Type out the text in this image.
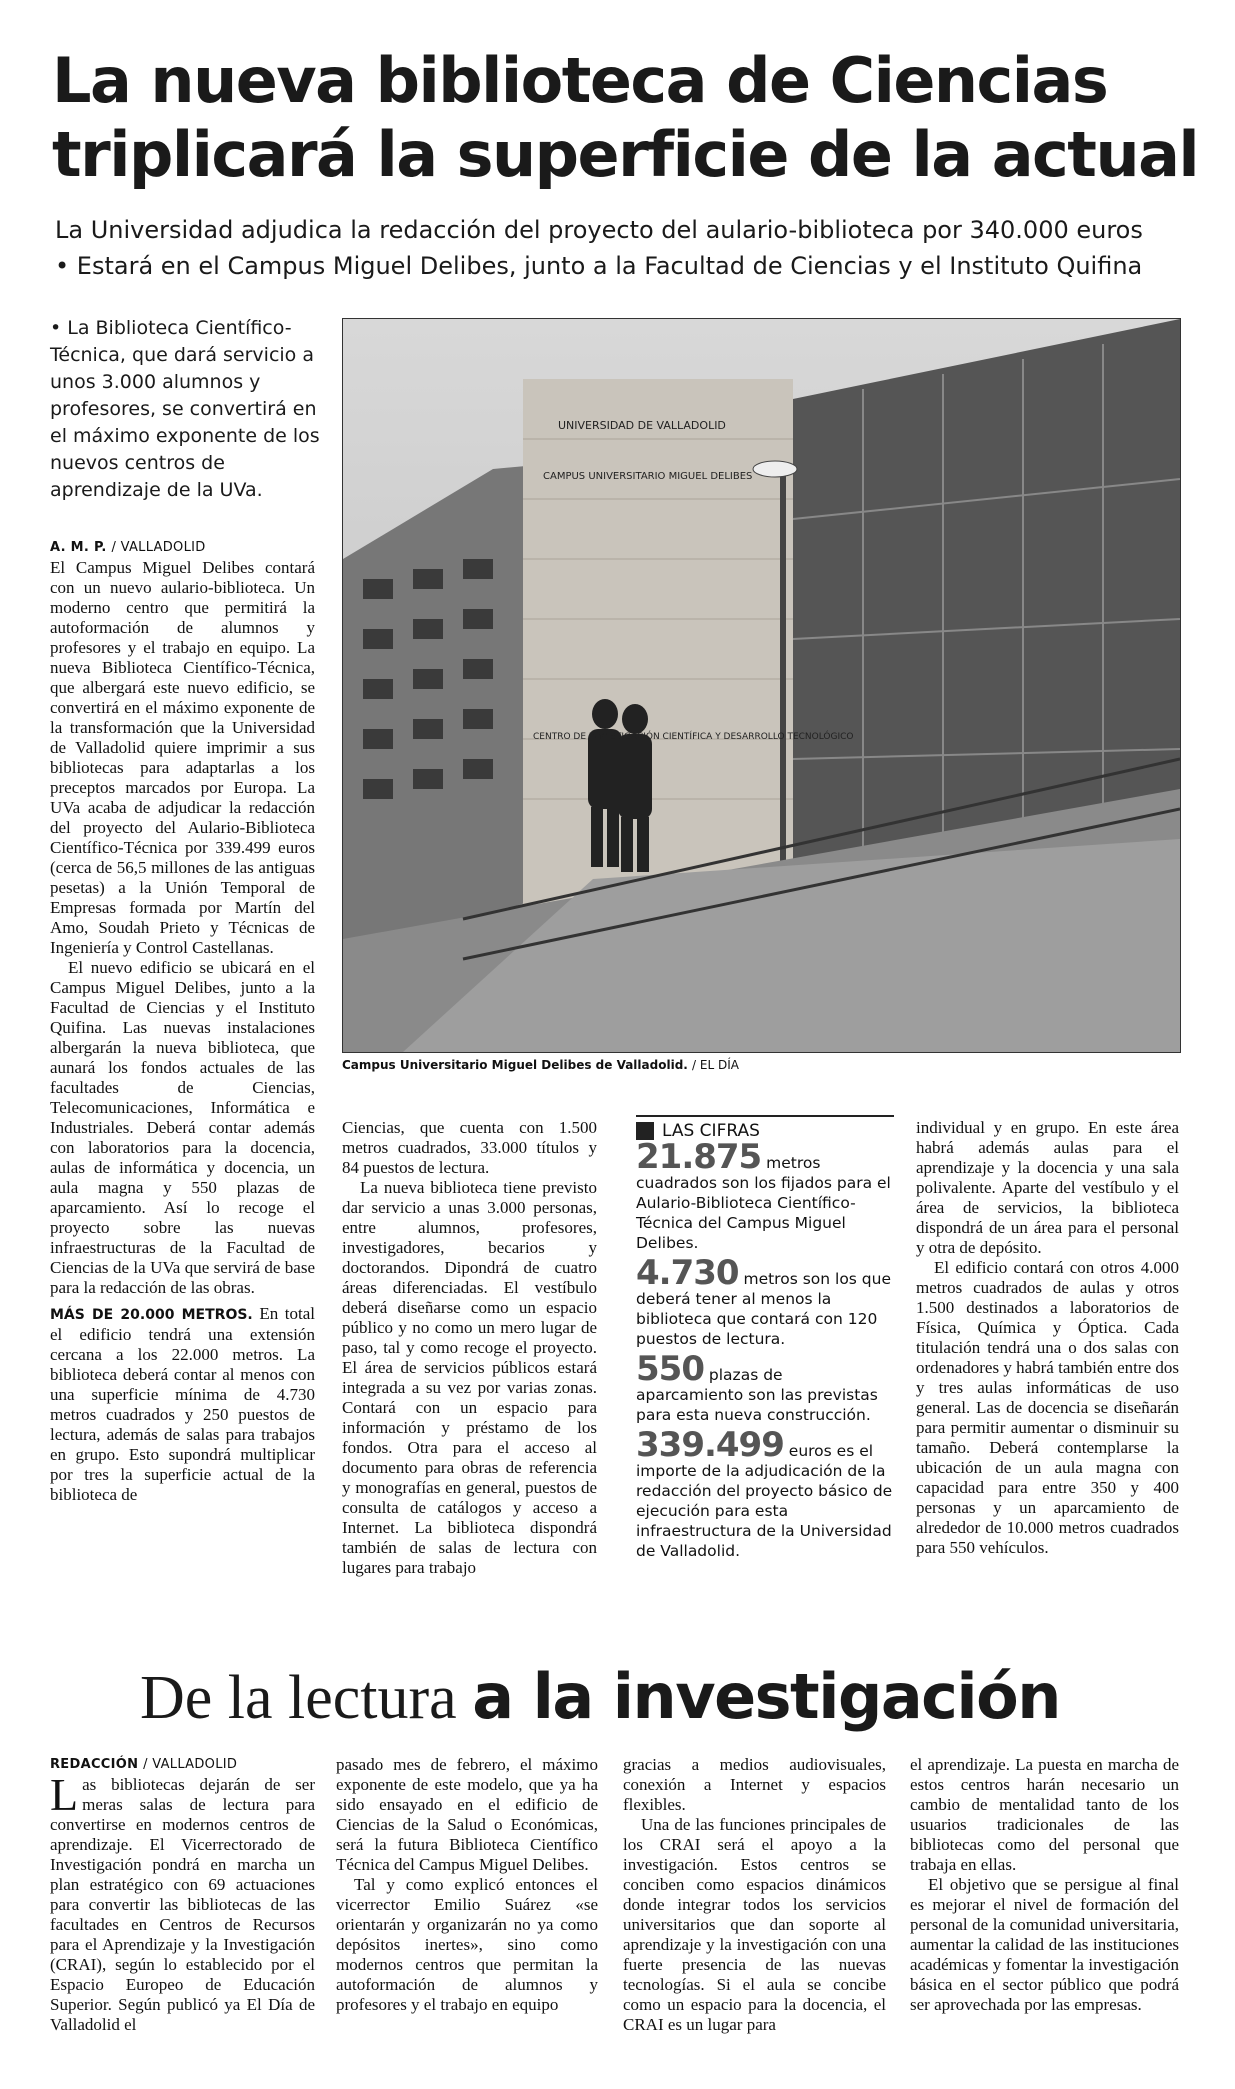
La nueva biblioteca de Ciencias
triplicará la superficie de la actual
La Universidad adjudica la redacción del proyecto del aulario-biblioteca por 340.000 euros
• Estará en el Campus Miguel Delibes, junto a la Facultad de Ciencias y el Instituto Quifina
• La Biblioteca Científico-Técnica, que dará servicio a unos 3.000 alumnos y profesores, se convertirá en el máximo exponente de los nuevos centros de aprendizaje de la UVa.
A. M. P. / VALLADOLID

El Campus Miguel Delibes contará con un nuevo aulario-biblioteca. Un moderno centro que permitirá la autoformación de alumnos y profesores y el trabajo en equipo. La nueva Biblioteca Científico-Técnica, que albergará este nuevo edificio, se convertirá en el máximo exponente de la transformación que la Universidad de Valladolid quiere imprimir a sus bibliotecas para adaptarlas a los preceptos marcados por Europa. La UVa acaba de adjudicar la redacción del proyecto del Aulario-Biblioteca Científico-Técnica por 339.499 euros (cerca de 56,5 millones de las antiguas pesetas) a la Unión Temporal de Empresas formada por Martín del Amo, Soudah Prieto y Técnicas de Ingeniería y Control Castellanas.

El nuevo edificio se ubicará en el Campus Miguel Delibes, junto a la Facultad de Ciencias y el Instituto Quifina. Las nuevas instalaciones albergarán la nueva biblioteca, que aunará los fondos actuales de las facultades de Ciencias, Telecomunicaciones, Informática e Industriales. Deberá contar además con laboratorios para la docencia, aulas de informática y docencia, un aula magna y 550 plazas de aparcamiento. Así lo recoge el proyecto sobre las nuevas infraestructuras de la Facultad de Ciencias de la UVa que servirá de base para la redacción de las obras.

MÁS DE 20.000 METROS. En total el edificio tendrá una extensión cercana a los 22.000 metros. La biblioteca deberá contar al menos con una superficie mínima de 4.730 metros cuadrados y 250 puestos de lectura, además de salas para trabajos en grupo. Esto supondrá multiplicar por tres la superficie actual de la biblioteca de

UNIVERSIDAD DE VALLADOLID
CAMPUS UNIVERSITARIO MIGUEL DELIBES
CENTRO DE INVESTIGACIÓN CIENTÍFICA Y DESARROLLO TECNOLÓGICO
Campus Universitario Miguel Delibes de Valladolid. / EL DÍA

Ciencias, que cuenta con 1.500 metros cuadrados, 33.000 títulos y 84 puestos de lectura.

La nueva biblioteca tiene previsto dar servicio a unas 3.000 personas, entre alumnos, profesores, investigadores, becarios y doctorandos. Dipondrá de cuatro áreas diferenciadas. El vestíbulo deberá diseñarse como un espacio público y no como un mero lugar de paso, tal y como recoge el proyecto. El área de servicios públicos estará integrada a su vez por varias zonas. Contará con un espacio para información y préstamo de los fondos. Otra para el acceso al documento para obras de referencia y monografías en general, puestos de consulta de catálogos y acceso a Internet. La biblioteca dispondrá también de salas de lectura con lugares para trabajo

LAS CIFRAS
21.875 metros cuadrados son los fijados para el Aulario-Biblioteca Científico-Técnica del Campus Miguel Delibes.
4.730 metros son los que deberá tener al menos la biblioteca que contará con 120 puestos de lectura.
550 plazas de aparcamiento son las previstas para esta nueva construcción.
339.499 euros es el importe de la adjudicación de la redacción del proyecto básico de ejecución para esta infraestructura de la Universidad de Valladolid.

individual y en grupo. En este área habrá además aulas para el aprendizaje y la docencia y una sala polivalente. Aparte del vestíbulo y el área de servicios, la biblioteca dispondrá de un área para el personal y otra de depósito.

El edificio contará con otros 4.000 metros cuadrados de aulas y otros 1.500 destinados a laboratorios de Física, Química y Óptica. Cada titulación tendrá una o dos salas con ordenadores y habrá también entre dos y tres aulas informáticas de uso general. Las de docencia se diseñarán para permitir aumentar o disminuir su tamaño. Deberá contemplarse la ubicación de un aula magna con capacidad para entre 350 y 400 personas y un aparcamiento de alrededor de 10.000 metros cuadrados para 550 vehículos.

De la lectura a la investigación
REDACCIÓN / VALLADOLID

Las bibliotecas dejarán de ser meras salas de lectura para convertirse en modernos centros de aprendizaje. El Vicerrectorado de Investigación pondrá en marcha un plan estratégico con 69 actuaciones para convertir las bibliotecas de las facultades en Centros de Recursos para el Aprendizaje y la Investigación (CRAI), según lo establecido por el Espacio Europeo de Educación Superior. Según publicó ya El Día de Valladolid el

pasado mes de febrero, el máximo exponente de este modelo, que ya ha sido ensayado en el edificio de Ciencias de la Salud o Económicas, será la futura Biblioteca Científico Técnica del Campus Miguel Delibes.

Tal y como explicó entonces el vicerrector Emilio Suárez «se orientarán y organizarán no ya como depósitos inertes», sino como modernos centros que permitan la autoformación de alumnos y profesores y el trabajo en equipo

gracias a medios audiovisuales, conexión a Internet y espacios flexibles.

Una de las funciones principales de los CRAI será el apoyo a la investigación. Estos centros se conciben como espacios dinámicos donde integrar todos los servicios universitarios que dan soporte al aprendizaje y la investigación con una fuerte presencia de las nuevas tecnologías. Si el aula se concibe como un espacio para la docencia, el CRAI es un lugar para

el aprendizaje. La puesta en marcha de estos centros harán necesario un cambio de mentalidad tanto de los usuarios tradicionales de las bibliotecas como del personal que trabaja en ellas.

El objetivo que se persigue al final es mejorar el nivel de formación del personal de la comunidad universitaria, aumentar la calidad de las instituciones académicas y fomentar la investigación básica en el sector público que podrá ser aprovechada por las empresas.
